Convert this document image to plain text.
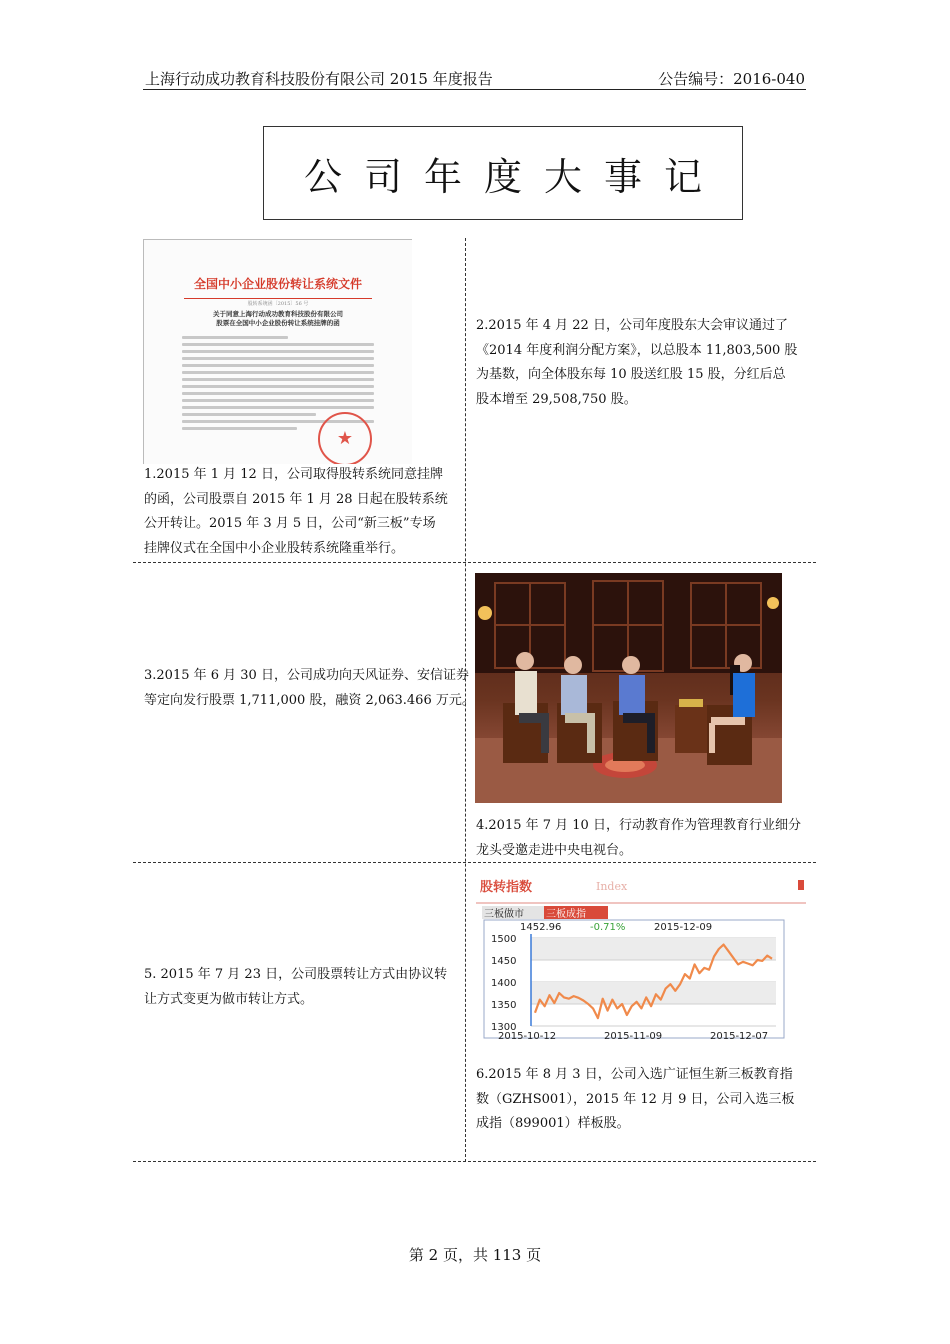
上海行动成功教育科技股份有限公司 2015 年度报告	公告编号：2016-040
公司年度大事记
全国中小企业股份转让系统文件
股转系统函〔2015〕56 号
关于同意上海行动成功教育科技股份有限公司
股票在全国中小企业股份转让系统挂牌的函
★
1.2015 年 1 月 12 日，公司取得股转系统同意挂牌
的函，公司股票自 2015 年 1 月 28 日起在股转系统
公开转让。2015 年 3 月 5 日，公司“新三板”专场
挂牌仪式在全国中小企业股转系统隆重举行。
2.2015 年 4 月 22 日，公司年度股东大会审议通过了
《2014 年度利润分配方案》，以总股本 11,803,500 股
为基数，向全体股东每 10 股送红股 15 股，分红后总
股本增至 29,508,750 股。
3.2015 年 6 月 30 日，公司成功向天风证券、安信证券
等定向发行股票 1,711,000 股，融资 2,063.466 万元。
4.2015 年 7 月 10 日，行动教育作为管理教育行业细分
龙头受邀走进中央电视台。
5. 2015 年 7 月 23 日，公司股票转让方式由协议转
让方式变更为做市转让方式。
股转指数	Index
三板做市 三板成指
1452.96	-0.71%	2015-12-09
1500
1450
1400
1350
1300
2015-10-12	2015-11-09	2015-12-07
6.2015 年 8 月 3 日，公司入选广证恒生新三板教育指
数（GZHS001），2015 年 12 月 9 日，公司入选三板
成指（899001）样板股。
第 2 页，共 113 页
